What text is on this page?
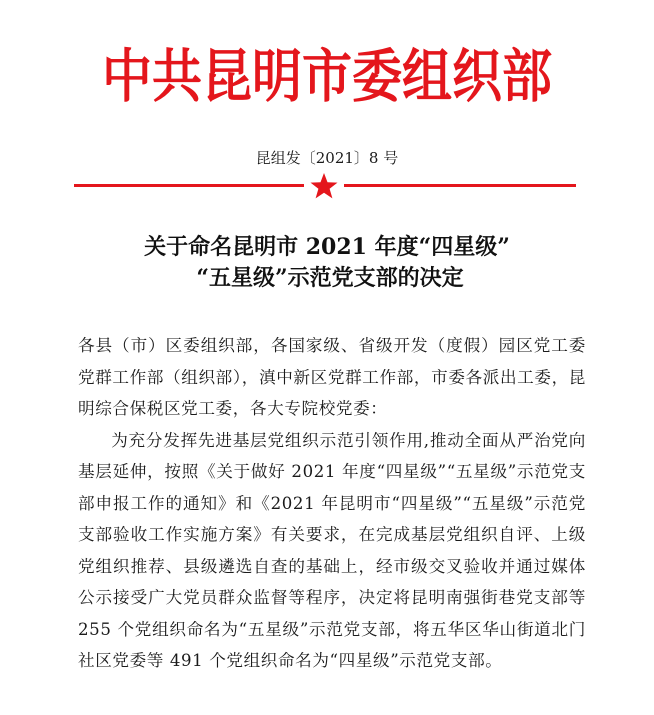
中共昆明市委组织部
昆组发〔2021〕8 号
关于命名昆明市 2021 年度“四星级”
“五星级”示范党支部的决定

各县（市）区委组织部，各国家级、省级开发（度假）园区党工委党群工作部（组织部），滇中新区党群工作部，市委各派出工委，昆明综合保税区党工委，各大专院校党委：

为充分发挥先进基层党组织示范引领作用,推动全面从严治党向基层延伸，按照《关于做好 2021 年度“四星级”“五星级”示范党支部申报工作的通知》和《2021 年昆明市“四星级”“五星级”示范党支部验收工作实施方案》有关要求，在完成基层党组织自评、上级党组织推荐、县级遴选自查的基础上，经市级交叉验收并通过媒体公示接受广大党员群众监督等程序，决定将昆明南强街巷党支部等 255 个党组织命名为“五星级”示范党支部，将五华区华山街道北门社区党委等 491 个党组织命名为“四星级”示范党支部。
